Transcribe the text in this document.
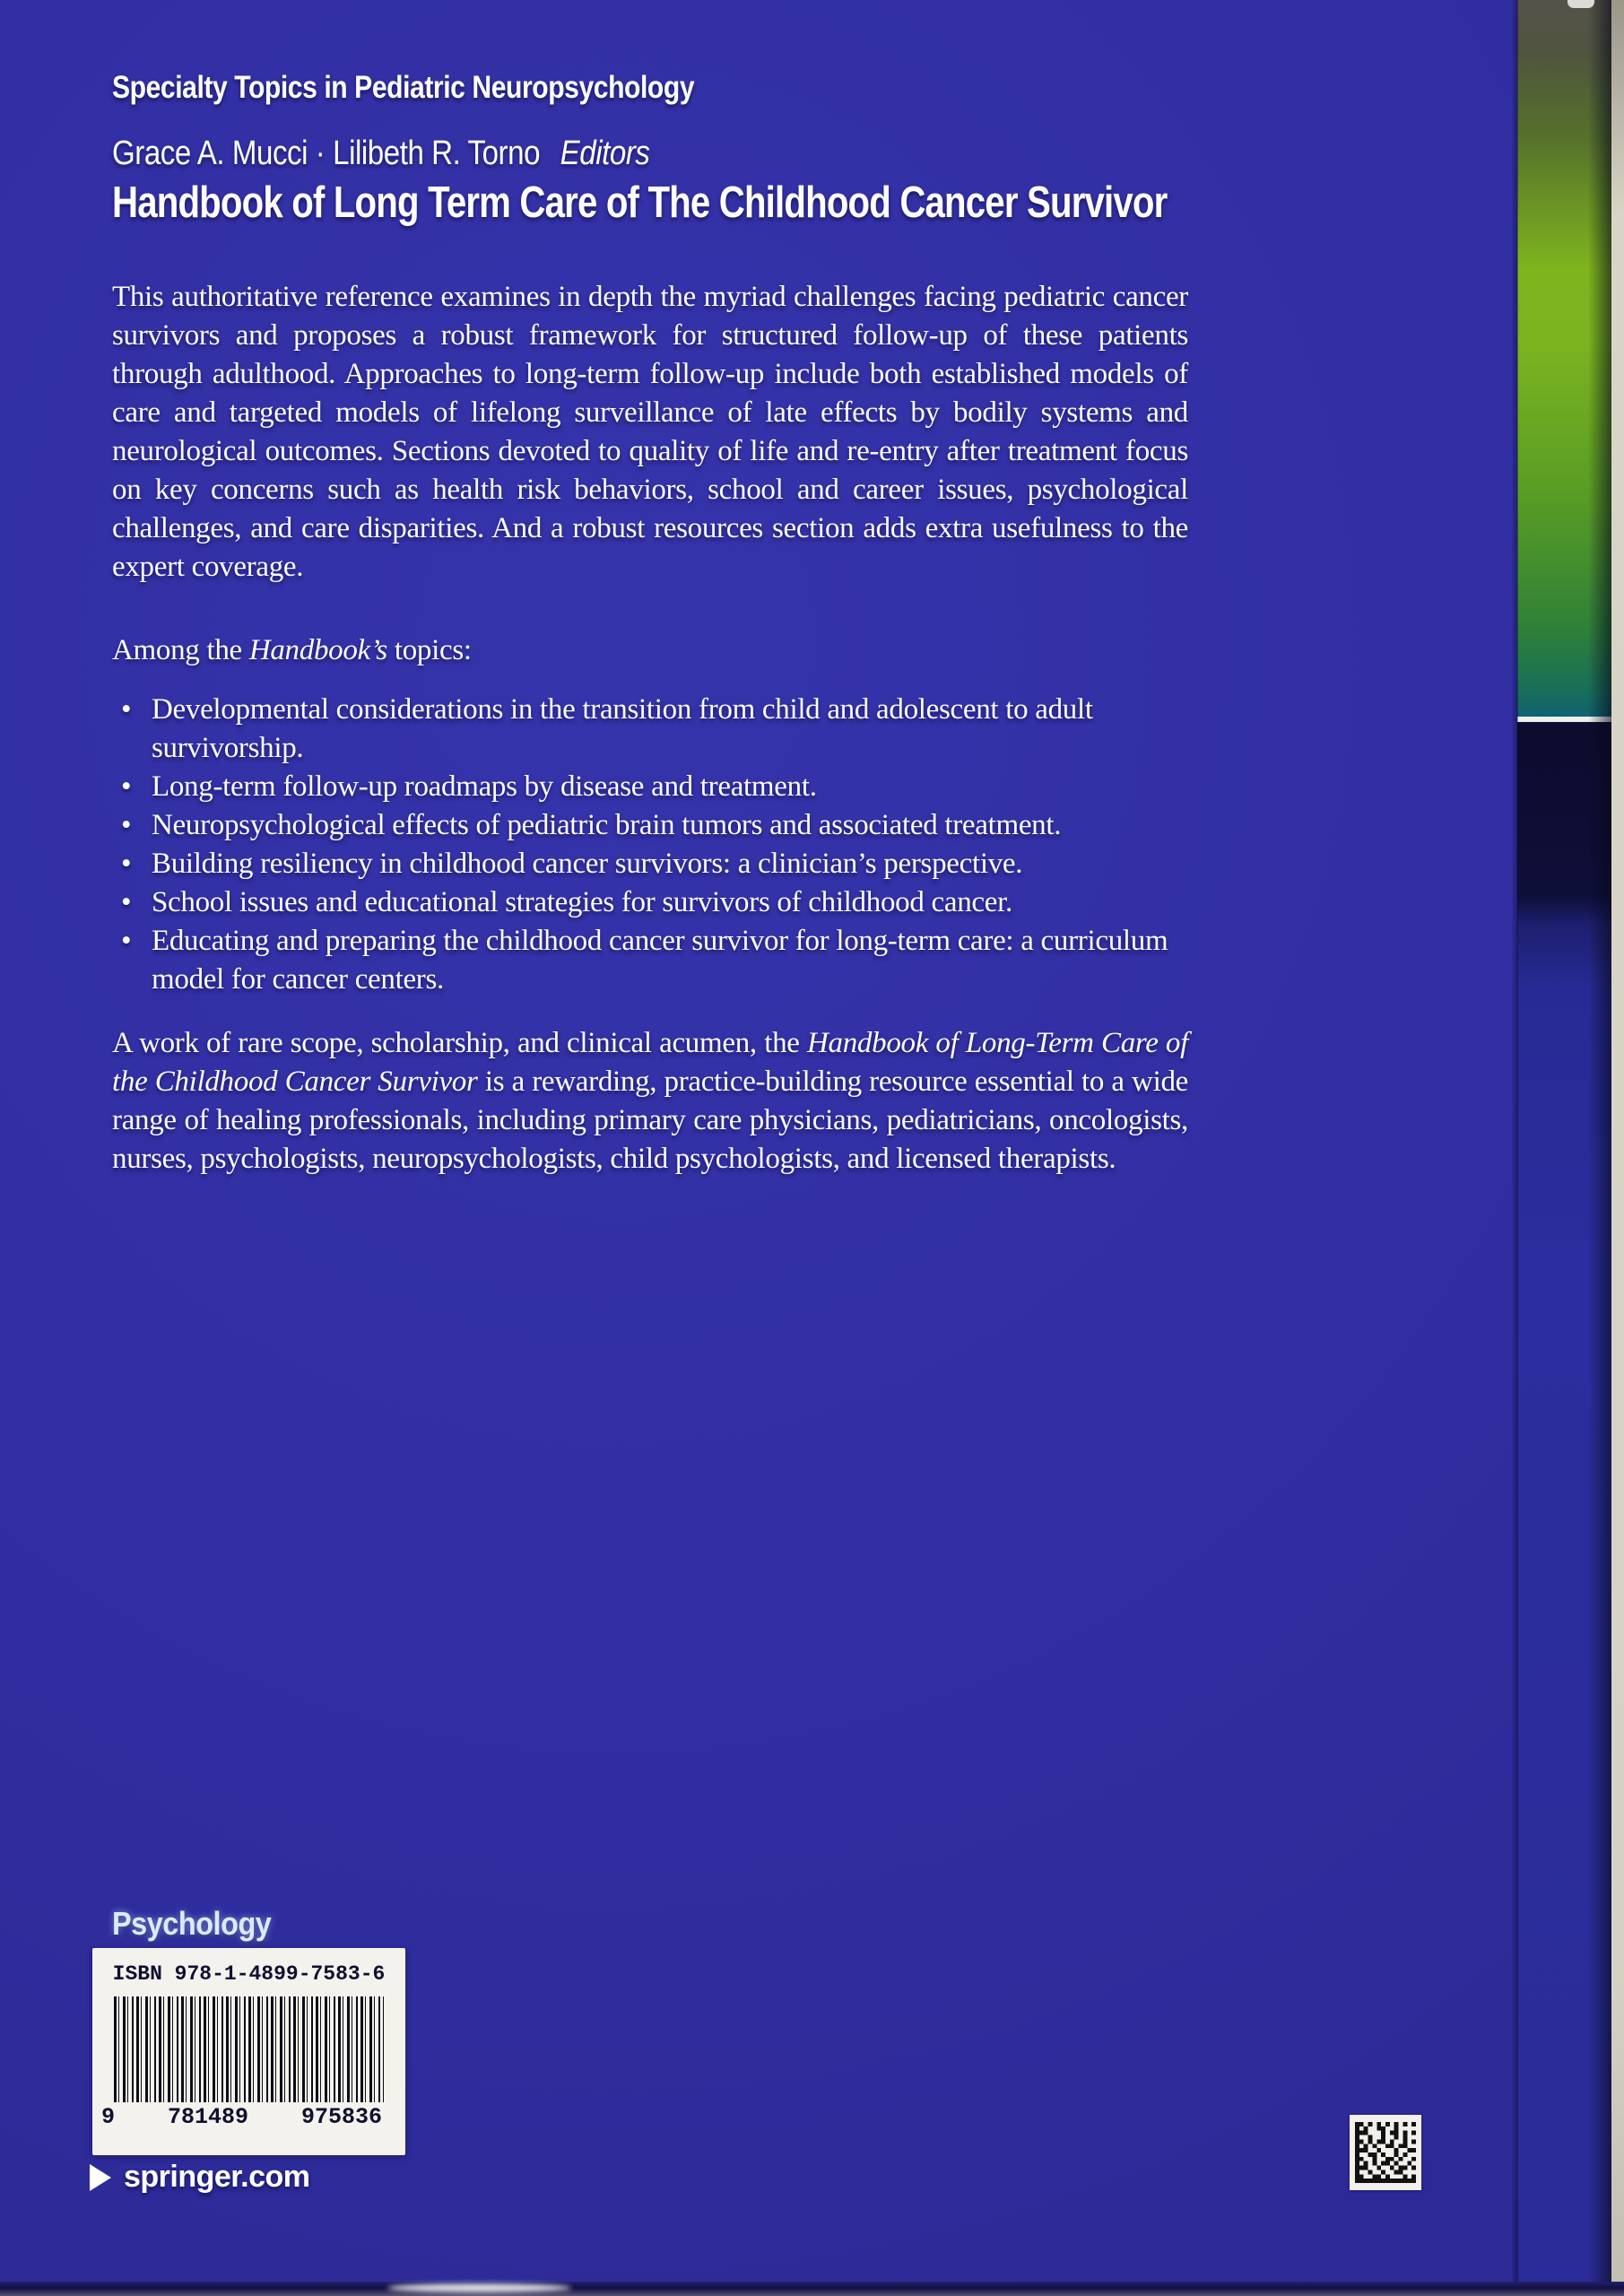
Specialty Topics in Pediatric Neuropsychology
Grace A. Mucci · Lilibeth R. Torno Editors
Handbook of Long Term Care of The Childhood Cancer Survivor

This authoritative reference examines in depth the myriad challenges facing pediatric cancer survivors and proposes a robust framework for structured follow-up of these patients through adulthood. Approaches to long-term follow-up include both established models of care and targeted models of lifelong surveillance of late effects by bodily systems and neurological outcomes. Sections devoted to quality of life and re-entry after treatment focus on key concerns such as health risk behaviors, school and career issues, psychological challenges, and care disparities. And a robust resources section adds extra usefulness to the expert coverage.

Among the Handbook’s topics:

• Developmental considerations in the transition from child and adolescent to adult survivorship.
• Long-term follow-up roadmaps by disease and treatment.
• Neuropsychological effects of pediatric brain tumors and associated treatment.
• Building resiliency in childhood cancer survivors: a clinician’s perspective.
• School issues and educational strategies for survivors of childhood cancer.
• Educating and preparing the childhood cancer survivor for long-term care: a curriculum model for cancer centers.

A work of rare scope, scholarship, and clinical acumen, the Handbook of Long-Term Care of the Childhood Cancer Survivor is a rewarding, practice-building resource essential to a wide range of healing professionals, including primary care physicians, pediatricians, oncologists, nurses, psychologists, neuropsychologists, child psychologists, and licensed therapists.

Psychology
ISBN 978-1-4899-7583-6
9 781489 975836
springer.com
